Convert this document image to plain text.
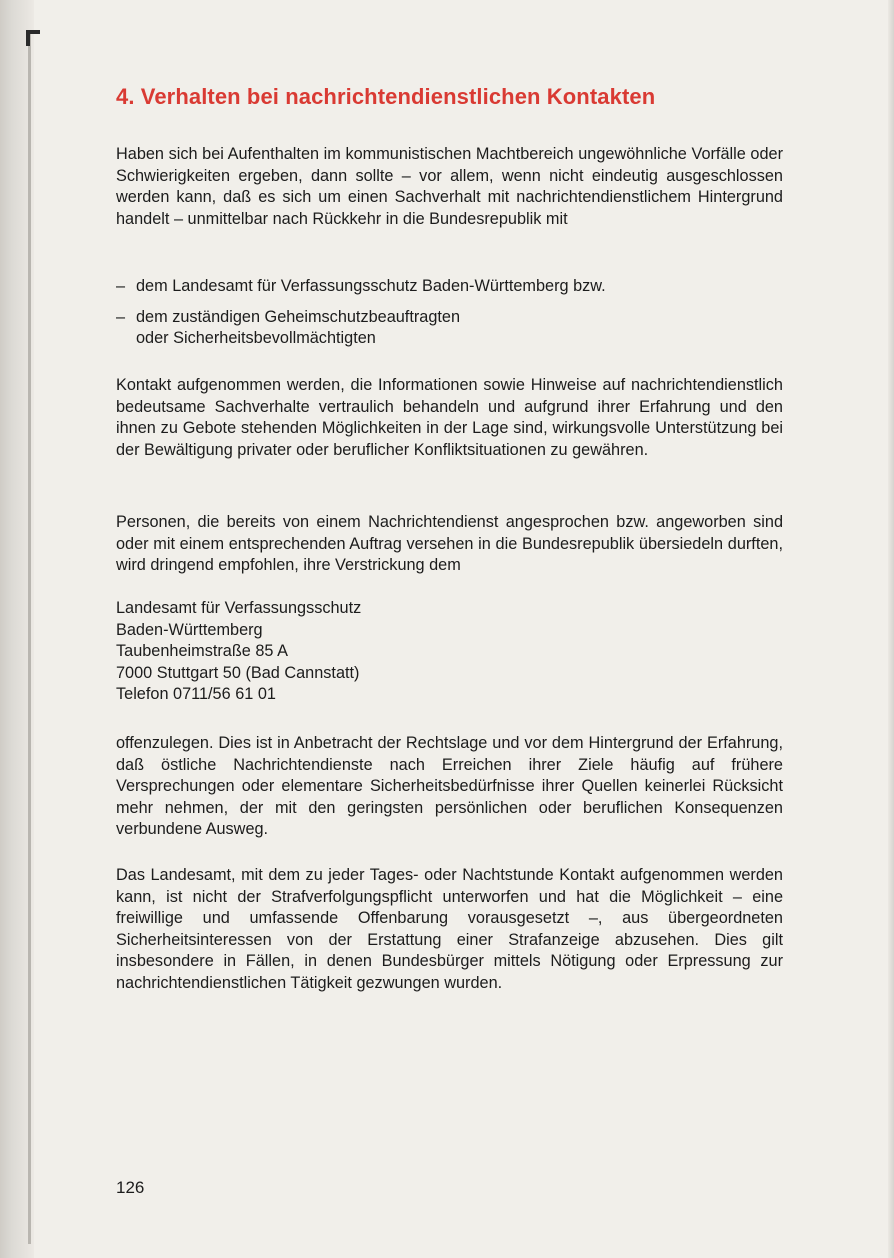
4. Verhalten bei nachrichtendienstlichen Kontakten

Haben sich bei Aufenthalten im kommunistischen Machtbereich ungewöhnliche Vorfälle oder Schwierigkeiten ergeben, dann sollte – vor allem, wenn nicht eindeutig ausgeschlossen werden kann, daß es sich um einen Sachverhalt mit nachrichtendienstlichem Hintergrund handelt – unmittelbar nach Rückkehr in die Bundesrepublik mit

– dem Landesamt für Verfassungsschutz Baden-Württemberg bzw.
– dem zuständigen Geheimschutzbeauftragten
oder Sicherheitsbevollmächtigten

Kontakt aufgenommen werden, die Informationen sowie Hinweise auf nachrichtendienstlich bedeutsame Sachverhalte vertraulich behandeln und aufgrund ihrer Erfahrung und den ihnen zu Gebote stehenden Möglichkeiten in der Lage sind, wirkungsvolle Unterstützung bei der Bewältigung privater oder beruflicher Konfliktsituationen zu gewähren.

Personen, die bereits von einem Nachrichtendienst angesprochen bzw. angeworben sind oder mit einem entsprechenden Auftrag versehen in die Bundesrepublik übersiedeln durften, wird dringend empfohlen, ihre Verstrickung dem

Landesamt für Verfassungsschutz
Baden-Württemberg
Taubenheimstraße 85 A
7000 Stuttgart 50 (Bad Cannstatt)
Telefon 0711/56 61 01

offenzulegen. Dies ist in Anbetracht der Rechtslage und vor dem Hintergrund der Erfahrung, daß östliche Nachrichtendienste nach Erreichen ihrer Ziele häufig auf frühere Versprechungen oder elementare Sicherheitsbedürfnisse ihrer Quellen keinerlei Rücksicht mehr nehmen, der mit den geringsten persönlichen oder beruflichen Konsequenzen verbundene Ausweg.

Das Landesamt, mit dem zu jeder Tages- oder Nachtstunde Kontakt aufgenommen werden kann, ist nicht der Strafverfolgungspflicht unterworfen und hat die Möglichkeit – eine freiwillige und umfassende Offenbarung vorausgesetzt –, aus übergeordneten Sicherheitsinteressen von der Erstattung einer Strafanzeige abzusehen. Dies gilt insbesondere in Fällen, in denen Bundesbürger mittels Nötigung oder Erpressung zur nachrichtendienstlichen Tätigkeit gezwungen wurden.

126
